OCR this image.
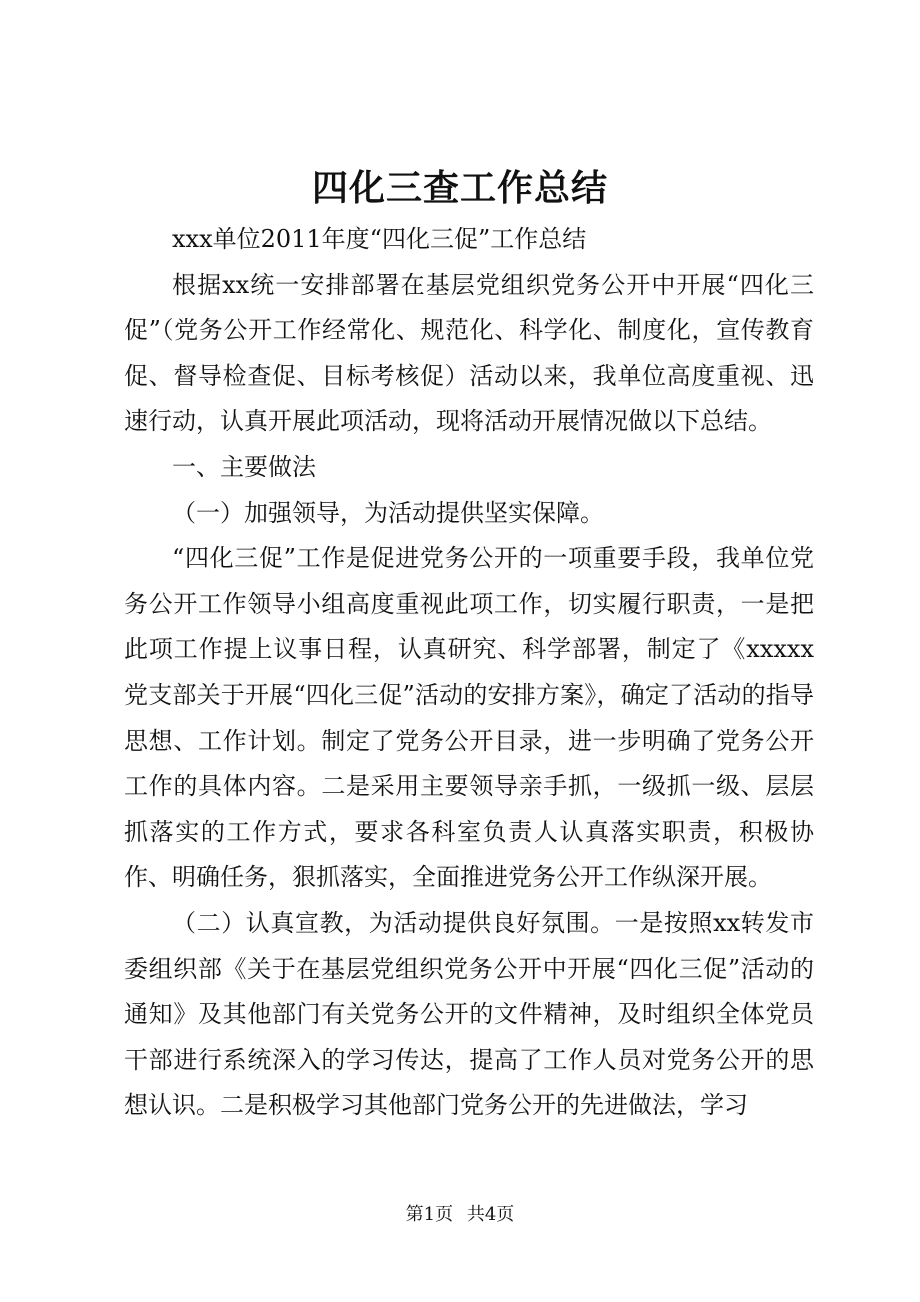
四化三查工作总结

xxx单位2011年度“四化三促”工作总结

根据xx统一安排部署在基层党组织党务公开中开展“四化三促”（党务公开工作经常化、规范化、科学化、制度化，宣传教育促、督导检查促、目标考核促）活动以来，我单位高度重视、迅速行动，认真开展此项活动，现将活动开展情况做以下总结。

一、主要做法

（一）加强领导，为活动提供坚实保障。

“四化三促”工作是促进党务公开的一项重要手段，我单位党务公开工作领导小组高度重视此项工作，切实履行职责，一是把此项工作提上议事日程，认真研究、科学部署，制定了《xxxxx党支部关于开展“四化三促”活动的安排方案》，确定了活动的指导思想、工作计划。制定了党务公开目录，进一步明确了党务公开工作的具体内容。二是采用主要领导亲手抓，一级抓一级、层层抓落实的工作方式，要求各科室负责人认真落实职责，积极协作、明确任务，狠抓落实，全面推进党务公开工作纵深开展。

（二）认真宣教，为活动提供良好氛围。一是按照xx转发市委组织部《关于在基层党组织党务公开中开展“四化三促”活动的通知》及其他部门有关党务公开的文件精神，及时组织全体党员干部进行系统深入的学习传达，提高了工作人员对党务公开的思想认识。二是积极学习其他部门党务公开的先进做法，学习

第1页 共4页
